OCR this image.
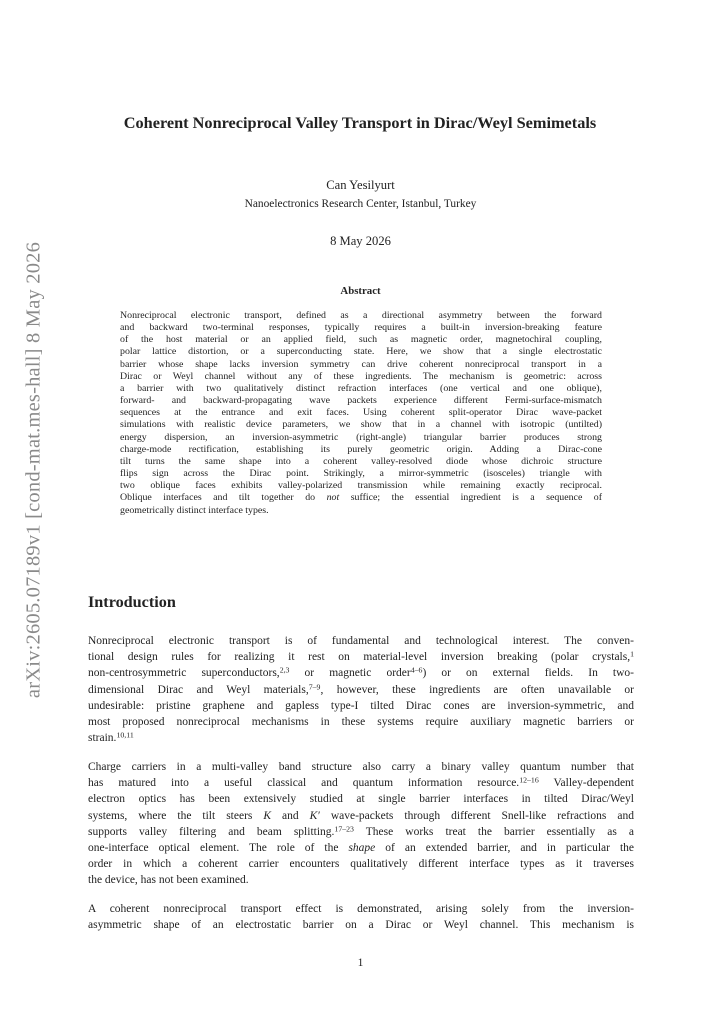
arXiv:2605.07189v1 [cond-mat.mes-hall] 8 May 2026
Coherent Nonreciprocal Valley Transport in Dirac/Weyl Semimetals
Can Yesilyurt
Nanoelectronics Research Center, Istanbul, Turkey
8 May 2026
Abstract
Nonreciprocal electronic transport, defined as a directional asymmetry between the forward
and backward two-terminal responses, typically requires a built-in inversion-breaking feature
of the host material or an applied field, such as magnetic order, magnetochiral coupling,
polar lattice distortion, or a superconducting state. Here, we show that a single electrostatic
barrier whose shape lacks inversion symmetry can drive coherent nonreciprocal transport in a
Dirac or Weyl channel without any of these ingredients. The mechanism is geometric: across
a barrier with two qualitatively distinct refraction interfaces (one vertical and one oblique),
forward- and backward-propagating wave packets experience different Fermi-surface-mismatch
sequences at the entrance and exit faces. Using coherent split-operator Dirac wave-packet
simulations with realistic device parameters, we show that in a channel with isotropic (untilted)
energy dispersion, an inversion-asymmetric (right-angle) triangular barrier produces strong
charge-mode rectification, establishing its purely geometric origin. Adding a Dirac-cone
tilt turns the same shape into a coherent valley-resolved diode whose dichroic structure
flips sign across the Dirac point. Strikingly, a mirror-symmetric (isosceles) triangle with
two oblique faces exhibits valley-polarized transmission while remaining exactly reciprocal.
Oblique interfaces and tilt together do not suffice; the essential ingredient is a sequence of
geometrically distinct interface types.
Introduction
Nonreciprocal electronic transport is of fundamental and technological interest. The conven-
tional design rules for realizing it rest on material-level inversion breaking (polar crystals,$^1$
non-centrosymmetric superconductors,$^{2,3}$ or magnetic order$^{4-6}$) or on external fields. In two-
dimensional Dirac and Weyl materials,$^{7-9}$, however, these ingredients are often unavailable or
undesirable: pristine graphene and gapless type-I tilted Dirac cones are inversion-symmetric, and
most proposed nonreciprocal mechanisms in these systems require auxiliary magnetic barriers or
strain.$^{10,11}$
Charge carriers in a multi-valley band structure also carry a binary valley quantum number that
has matured into a useful classical and quantum information resource.$^{12-16}$ Valley-dependent
electron optics has been extensively studied at single barrier interfaces in tilted Dirac/Weyl
systems, where the tilt steers K and K′ wave-packets through different Snell-like refractions and
supports valley filtering and beam splitting.$^{17-23}$ These works treat the barrier essentially as a
one-interface optical element. The role of the shape of an extended barrier, and in particular the
order in which a coherent carrier encounters qualitatively different interface types as it traverses
the device, has not been examined.
A coherent nonreciprocal transport effect is demonstrated, arising solely from the inversion-
asymmetric shape of an electrostatic barrier on a Dirac or Weyl channel. This mechanism is
1
